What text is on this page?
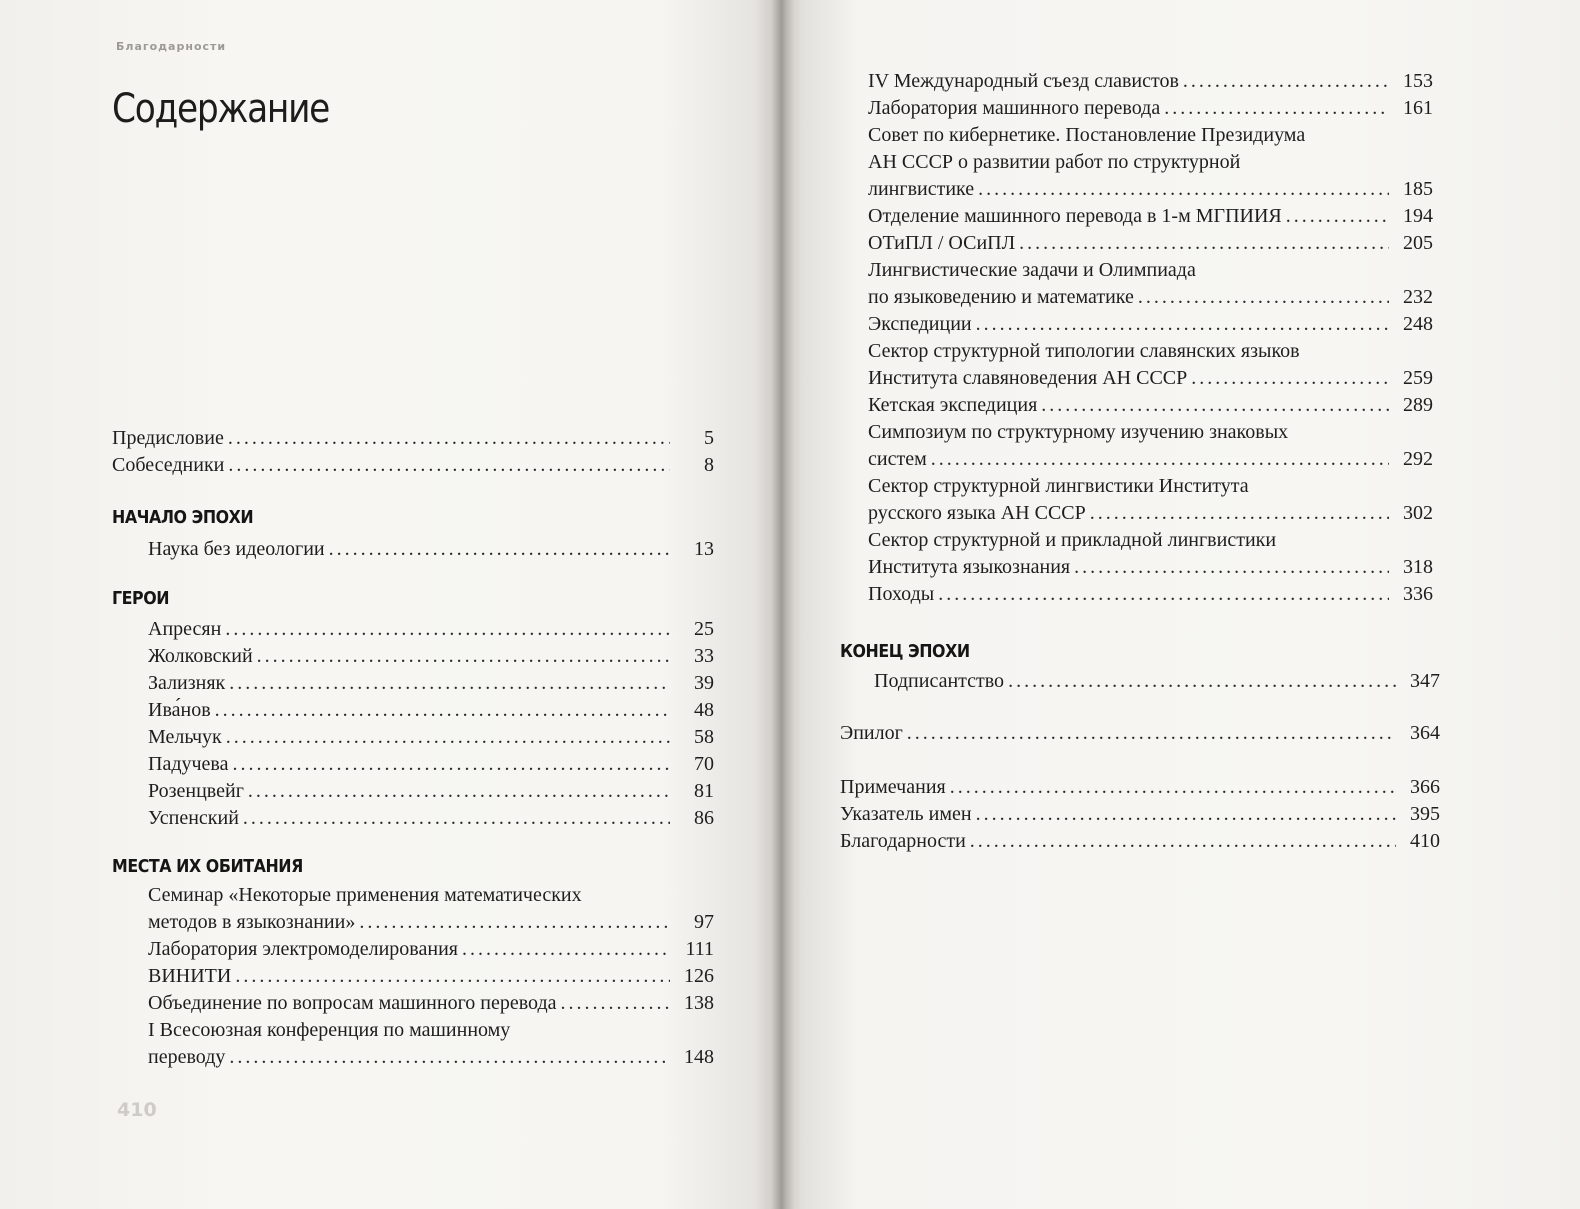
Благодарности
Содержание
Предисловие . . .	5
Собеседники . . .	8
НАЧАЛО ЭПОХИ
Наука без идеологии . . .	13
ГЕРОИ
Апресян . . .	25
Жолковский . . .	33
Зализняк . . .	39
Ива́нов . . .	48
Мельчук . . .	58
Падучева . . .	70
Розенцвейг . . .	81
Успенский . . .	86
МЕСТА ИХ ОБИТАНИЯ
Семинар «Некоторые применения математических
методов в языкознании» . . .	97
Лаборатория электромоделирования . . .	111
ВИНИТИ . . .	126
Объединение по вопросам машинного перевода . . .	138
I Всесоюзная конференция по машинному
переводу . . .	148
410
IV Международный съезд славистов . . .	153
Лаборатория машинного перевода . . .	161
Совет по кибернетике. Постановление Президиума
АН СССР о развитии работ по структурной
лингвистике . . .	185
Отделение машинного перевода в 1-м МГПИИЯ . . .	194
ОТиПЛ / ОСиПЛ . . .	205
Лингвистические задачи и Олимпиада
по языковедению и математике . . .	232
Экспедиции . . .	248
Сектор структурной типологии славянских языков
Института славяноведения АН СССР . . .	259
Кетская экспедиция . . .	289
Симпозиум по структурному изучению знаковых
систем . . .	292
Сектор структурной лингвистики Института
русского языка АН СССР . . .	302
Сектор структурной и прикладной лингвистики
Института языкознания . . .	318
Походы . . .	336
КОНЕЦ ЭПОХИ
Подписантство . . .	347
Эпилог . . .	364
Примечания . . .	366
Указатель имен . . .	395
Благодарности . . .	410
